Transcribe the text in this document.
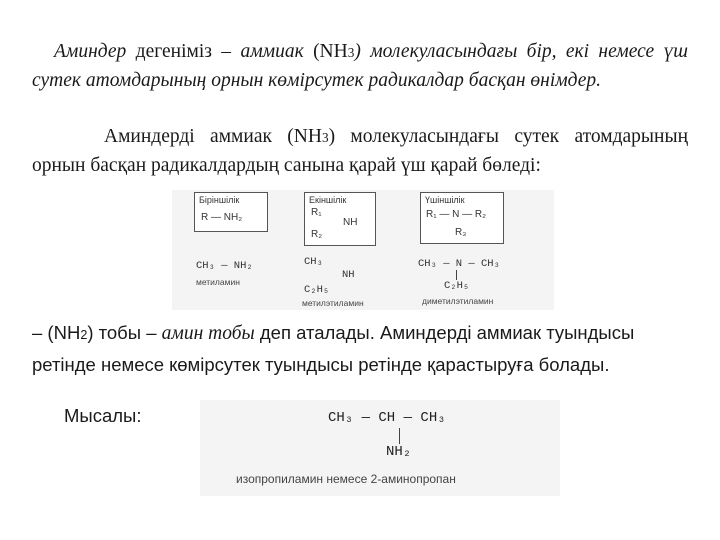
Аминдер дегеніміз – аммиак (NH3) молекуласындағы бір, екі немесе үш сутек атомдарының орнын көмірсутек радикалдар басқан өнімдер.

Аминдерді аммиак (NH3) молекуласындағы сутек атомдарының орнын басқан радикалдардың санына қарай үш қарай бөледі:

Біріншілік
R — NH₂
Екіншілік
R₁
NH
R₂
Үшіншілік
R₁ — N — R₂
R₃
CH₃ — NH₂
метиламин
CH₃
NH
C₂H₅
метилэтиламин
CH₃ — N — CH₃
C₂H₅
диметилэтиламин

– (NH2) тобы – амин тобы деп аталады. Аминдерді аммиак туындысы ретінде немесе көмірсутек туындысы ретінде қарастыруға болады.

Мысалы:	CH₃ — CH — CH₃
NH₂
изопропиламин немесе 2-аминопропан
